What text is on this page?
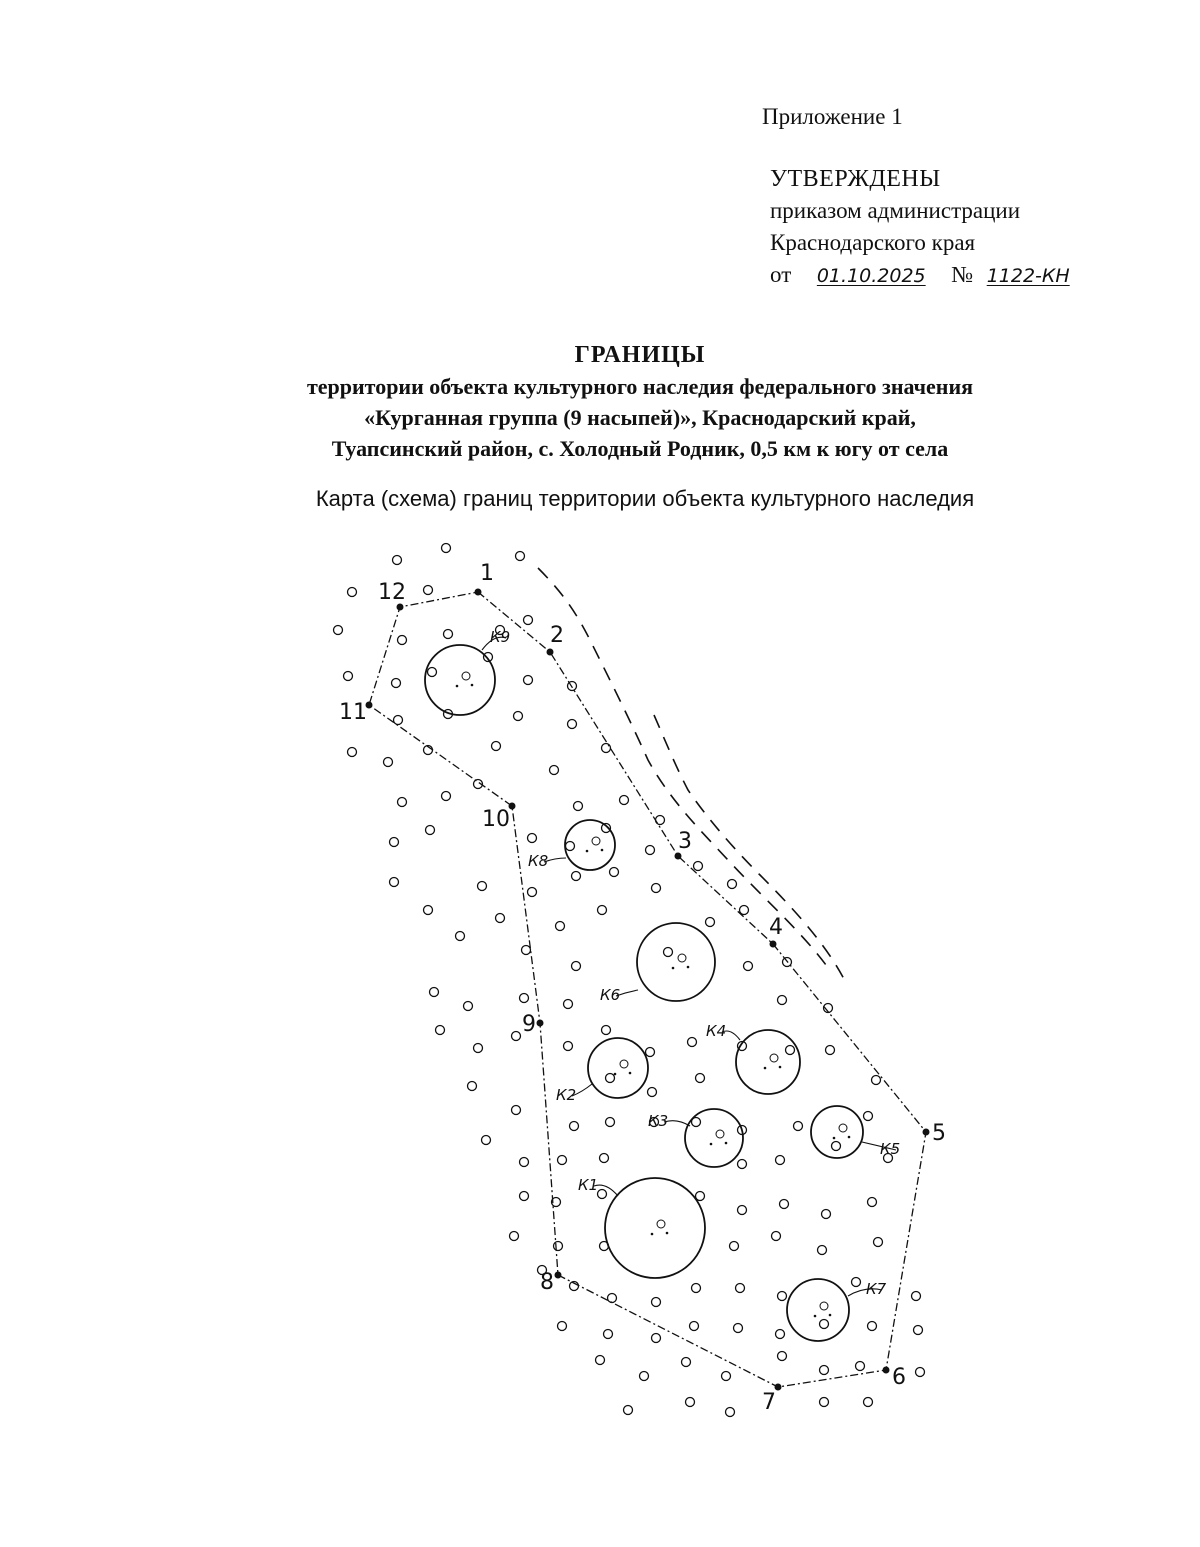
Приложение 1
УТВЕРЖДЕНЫ
приказом администрации
Краснодарского края
от 01.10.2025 № 1122-КН
ГРАНИЦЫ
территории объекта культурного наследия федерального значения
«Курганная группа (9 насыпей)», Краснодарский край,
Туапсинский район, с. Холодный Родник, 0,5 км к югу от села
Карта (схема) границ территории объекта культурного наследия
К9
К8
К6
К4
К2
К3
К5
К1
К7
1
2
3
4
5
6
7
8
9
10
11
12
